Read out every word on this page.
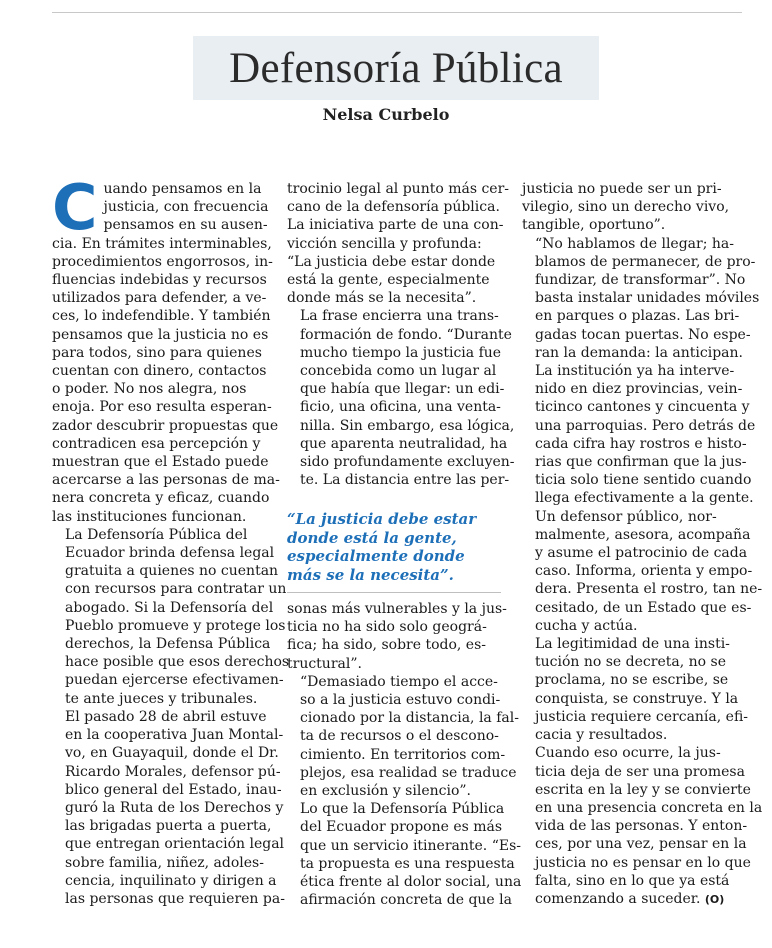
Defensoría Pública
Nelsa Curbelo
C uando pensamos en la
justicia, con frecuencia
pensamos en su ausen-
cia. En trámites interminables,
procedimientos engorrosos, in-
fluencias indebidas y recursos
utilizados para defender, a ve-
ces, lo indefendible. Y también
pensamos que la justicia no es
para todos, sino para quienes
cuentan con dinero, contactos
o poder. No nos alegra, nos
enoja. Por eso resulta esperan-
zador descubrir propuestas que
contradicen esa percepción y
muestran que el Estado puede
acercarse a las personas de ma-
nera concreta y eficaz, cuando
las instituciones funcionan.

La Defensoría Pública del
Ecuador brinda defensa legal
gratuita a quienes no cuentan
con recursos para contratar un
abogado. Si la Defensoría del
Pueblo promueve y protege los
derechos, la Defensa Pública
hace posible que esos derechos
puedan ejercerse efectivamen-
te ante jueces y tribunales.

El pasado 28 de abril estuve
en la cooperativa Juan Montal-
vo, en Guayaquil, donde el Dr.
Ricardo Morales, defensor pú-
blico general del Estado, inau-
guró la Ruta de los Derechos y
las brigadas puerta a puerta,
que entregan orientación legal
sobre familia, niñez, adoles-
cencia, inquilinato y dirigen a
las personas que requieren pa-

trocinio legal al punto más cer-
cano de la defensoría pública.
La iniciativa parte de una con-
vicción sencilla y profunda:
“La justicia debe estar donde
está la gente, especialmente
donde más se la necesita”.

La frase encierra una trans-
formación de fondo. “Durante
mucho tiempo la justicia fue
concebida como un lugar al
que había que llegar: un edi-
ficio, una oficina, una venta-
nilla. Sin embargo, esa lógica,
que aparenta neutralidad, ha
sido profundamente excluyen-
te. La distancia entre las per-

“La justicia debe estar
donde está la gente,
especialmente donde
más se la necesita”.

sonas más vulnerables y la jus-
ticia no ha sido solo geográ-
fica; ha sido, sobre todo, es-
tructural”.

“Demasiado tiempo el acce-
so a la justicia estuvo condi-
cionado por la distancia, la fal-
ta de recursos o el descono-
cimiento. En territorios com-
plejos, esa realidad se traduce
en exclusión y silencio”.

Lo que la Defensoría Pública
del Ecuador propone es más
que un servicio itinerante. “Es-
ta propuesta es una respuesta
ética frente al dolor social, una
afirmación concreta de que la

justicia no puede ser un pri-
vilegio, sino un derecho vivo,
tangible, oportuno”.

“No hablamos de llegar; ha-
blamos de permanecer, de pro-
fundizar, de transformar”. No
basta instalar unidades móviles
en parques o plazas. Las bri-
gadas tocan puertas. No espe-
ran la demanda: la anticipan.

La institución ya ha interve-
nido en diez provincias, vein-
ticinco cantones y cincuenta y
una parroquias. Pero detrás de
cada cifra hay rostros e histo-
rias que confirman que la jus-
ticia solo tiene sentido cuando
llega efectivamente a la gente.

Un defensor público, nor-
malmente, asesora, acompaña
y asume el patrocinio de cada
caso. Informa, orienta y empo-
dera. Presenta el rostro, tan ne-
cesitado, de un Estado que es-
cucha y actúa.

La legitimidad de una insti-
tución no se decreta, no se
proclama, no se escribe, se
conquista, se construye. Y la
justicia requiere cercanía, efi-
cacia y resultados.

Cuando eso ocurre, la jus-
ticia deja de ser una promesa
escrita en la ley y se convierte
en una presencia concreta en la
vida de las personas. Y enton-
ces, por una vez, pensar en la
justicia no es pensar en lo que
falta, sino en lo que ya está
comenzando a suceder. (O)
